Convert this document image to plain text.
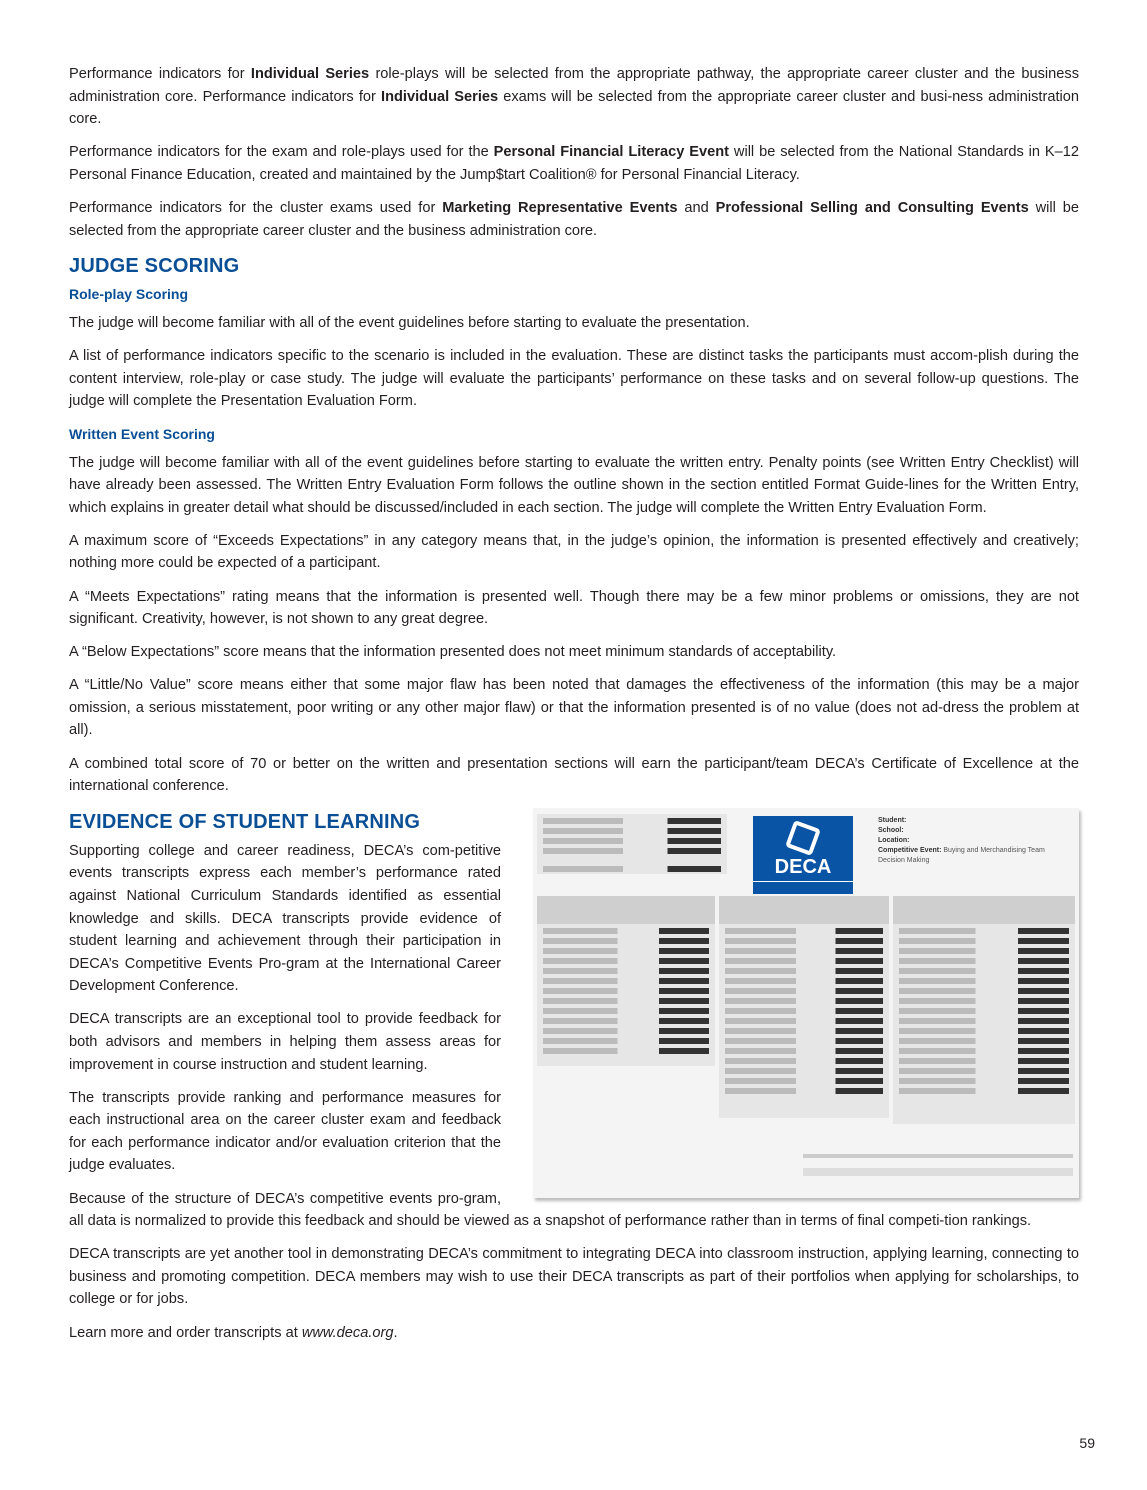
Performance indicators for Individual Series role-plays will be selected from the appropriate pathway, the appropriate career cluster and the business administration core. Performance indicators for Individual Series exams will be selected from the appropriate career cluster and busi-ness administration core.

Performance indicators for the exam and role-plays used for the Personal Financial Literacy Event will be selected from the National Standards in K–12 Personal Finance Education, created and maintained by the Jump$tart Coalition® for Personal Financial Literacy.

Performance indicators for the cluster exams used for Marketing Representative Events and Professional Selling and Consulting Events will be selected from the appropriate career cluster and the business administration core.

JUDGE SCORING
Role-play Scoring

The judge will become familiar with all of the event guidelines before starting to evaluate the presentation.

A list of performance indicators specific to the scenario is included in the evaluation. These are distinct tasks the participants must accom-plish during the content interview, role-play or case study. The judge will evaluate the participants’ performance on these tasks and on several follow-up questions. The judge will complete the Presentation Evaluation Form.

Written Event Scoring

The judge will become familiar with all of the event guidelines before starting to evaluate the written entry. Penalty points (see Written Entry Checklist) will have already been assessed. The Written Entry Evaluation Form follows the outline shown in the section entitled Format Guide-lines for the Written Entry, which explains in greater detail what should be discussed/included in each section. The judge will complete the Written Entry Evaluation Form.

A maximum score of “Exceeds Expectations” in any category means that, in the judge’s opinion, the information is presented effectively and creatively; nothing more could be expected of a participant.

A “Meets Expectations” rating means that the information is presented well. Though there may be a few minor problems or omissions, they are not significant. Creativity, however, is not shown to any great degree.

A “Below Expectations” score means that the information presented does not meet minimum standards of acceptability.

A “Little/No Value” score means either that some major flaw has been noted that damages the effectiveness of the information (this may be a major omission, a serious misstatement, poor writing or any other major flaw) or that the information presented is of no value (does not ad-dress the problem at all).

A combined total score of 70 or better on the written and presentation sections will earn the participant/team DECA’s Certificate of Excellence at the international conference.

EVIDENCE OF STUDENT LEARNING
DECA
Student:
School:
Location:
Competitive Event: Buying and Merchandising Team Decision Making

Supporting college and career readiness, DECA’s com-petitive events transcripts express each member’s performance rated against National Curriculum Standards identified as essential knowledge and skills. DECA transcripts provide evidence of student learning and achievement through their participation in DECA’s Competitive Events Pro-gram at the International Career Development Conference.

DECA transcripts are an exceptional tool to provide feedback for both advisors and members in helping them assess areas for improvement in course instruction and student learning.

The transcripts provide ranking and performance measures for each instructional area on the career cluster exam and feedback for each performance indicator and/or evaluation criterion that the judge evaluates.

Because of the structure of DECA’s competitive events pro-gram, all data is normalized to provide this feedback and should be viewed as a snapshot of performance rather than in terms of final competi-tion rankings.

DECA transcripts are yet another tool in demonstrating DECA’s commitment to integrating DECA into classroom instruction, applying learning, connecting to business and promoting competition. DECA members may wish to use their DECA transcripts as part of their portfolios when applying for scholarships, to college or for jobs.

Learn more and order transcripts at www.deca.org.

59
